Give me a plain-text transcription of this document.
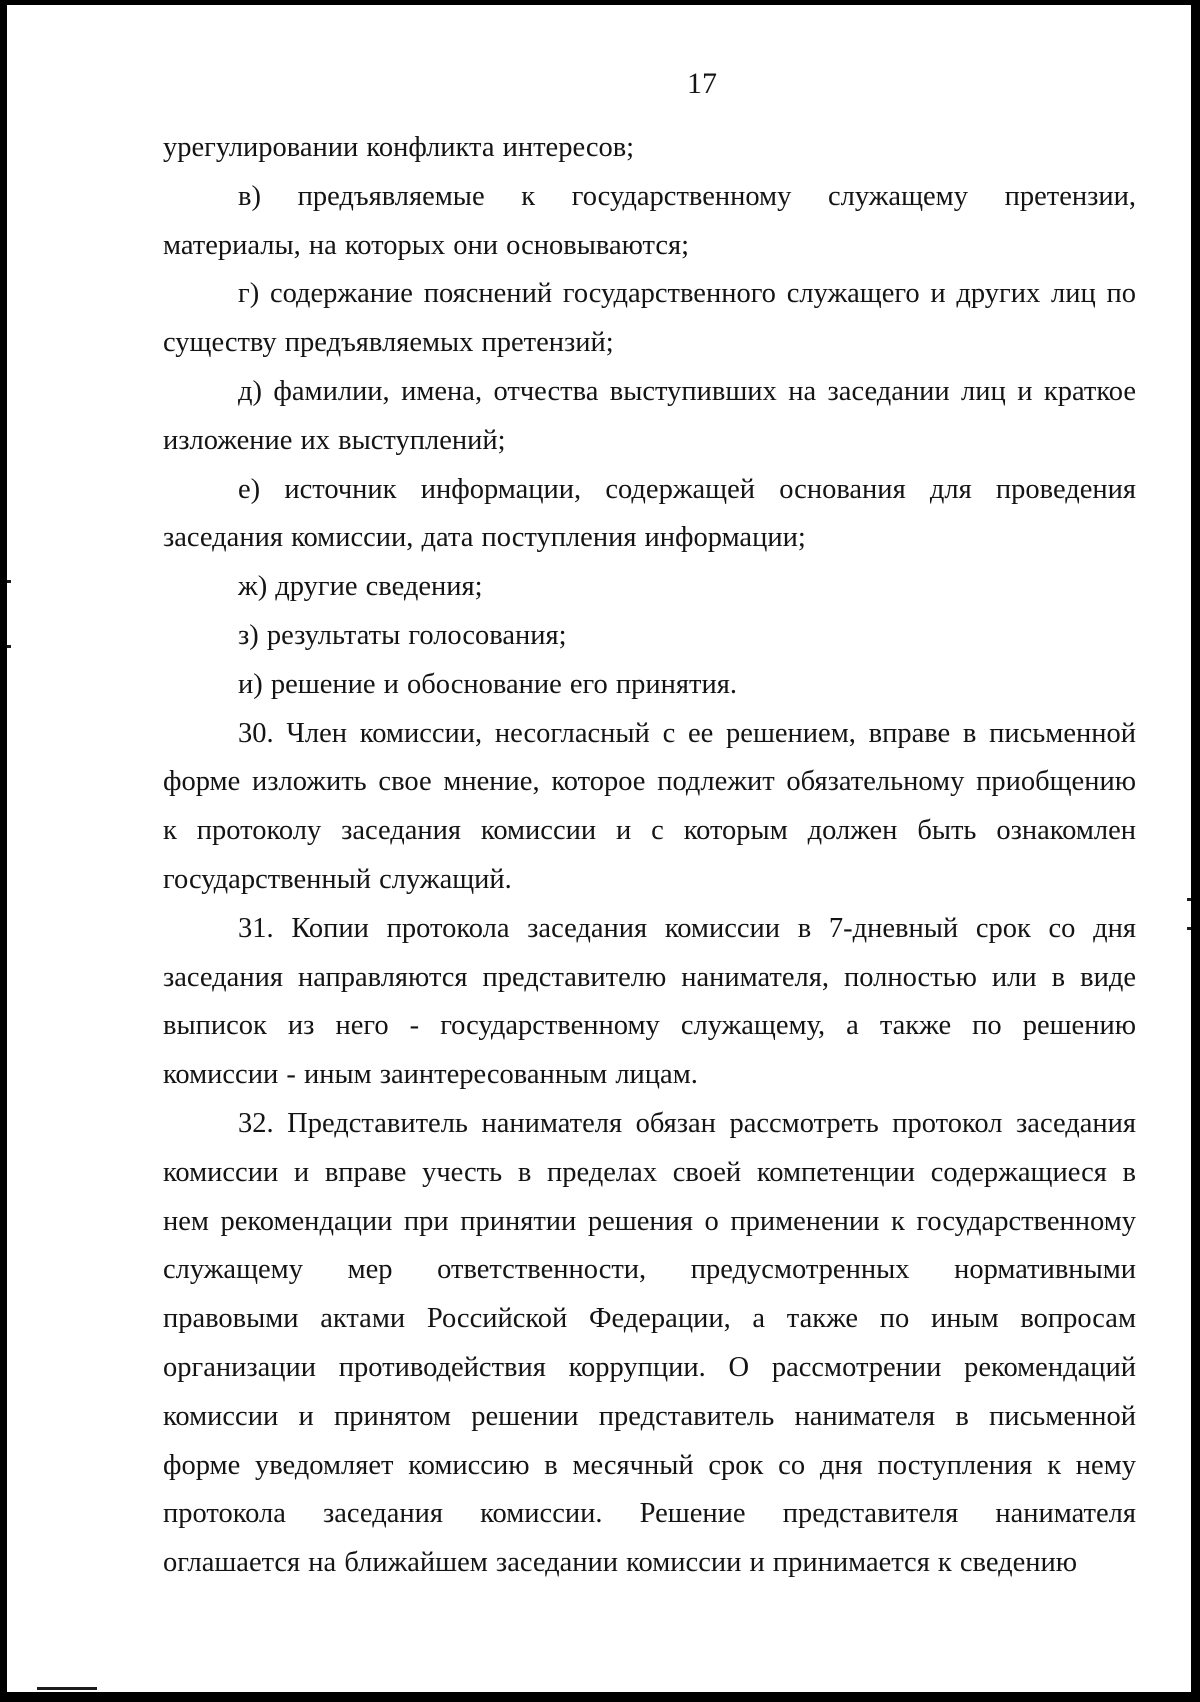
17
урегулировании конфликта интересов;
в) предъявляемые к государственному служащему претензии,
материалы, на которых они основываются;
г) содержание пояснений государственного служащего и других лиц по
существу предъявляемых претензий;
д) фамилии, имена, отчества выступивших на заседании лиц и краткое
изложение их выступлений;
е) источник информации, содержащей основания для проведения
заседания комиссии, дата поступления информации;
ж) другие сведения;
з) результаты голосования;
и) решение и обоснование его принятия.
30. Член комиссии, несогласный с ее решением, вправе в письменной
форме изложить свое мнение, которое подлежит обязательному приобщению
к протоколу заседания комиссии и с которым должен быть ознакомлен
государственный служащий.
31. Копии протокола заседания комиссии в 7-дневный срок со дня
заседания направляются представителю нанимателя, полностью или в виде
выписок из него - государственному служащему, а также по решению
комиссии - иным заинтересованным лицам.
32. Представитель нанимателя обязан рассмотреть протокол заседания
комиссии и вправе учесть в пределах своей компетенции содержащиеся в
нем рекомендации при принятии решения о применении к государственному
служащему мер ответственности, предусмотренных нормативными
правовыми актами Российской Федерации, а также по иным вопросам
организации противодействия коррупции. О рассмотрении рекомендаций
комиссии и принятом решении представитель нанимателя в письменной
форме уведомляет комиссию в месячный срок со дня поступления к нему
протокола заседания комиссии. Решение представителя нанимателя
оглашается на ближайшем заседании комиссии и принимается к сведению
